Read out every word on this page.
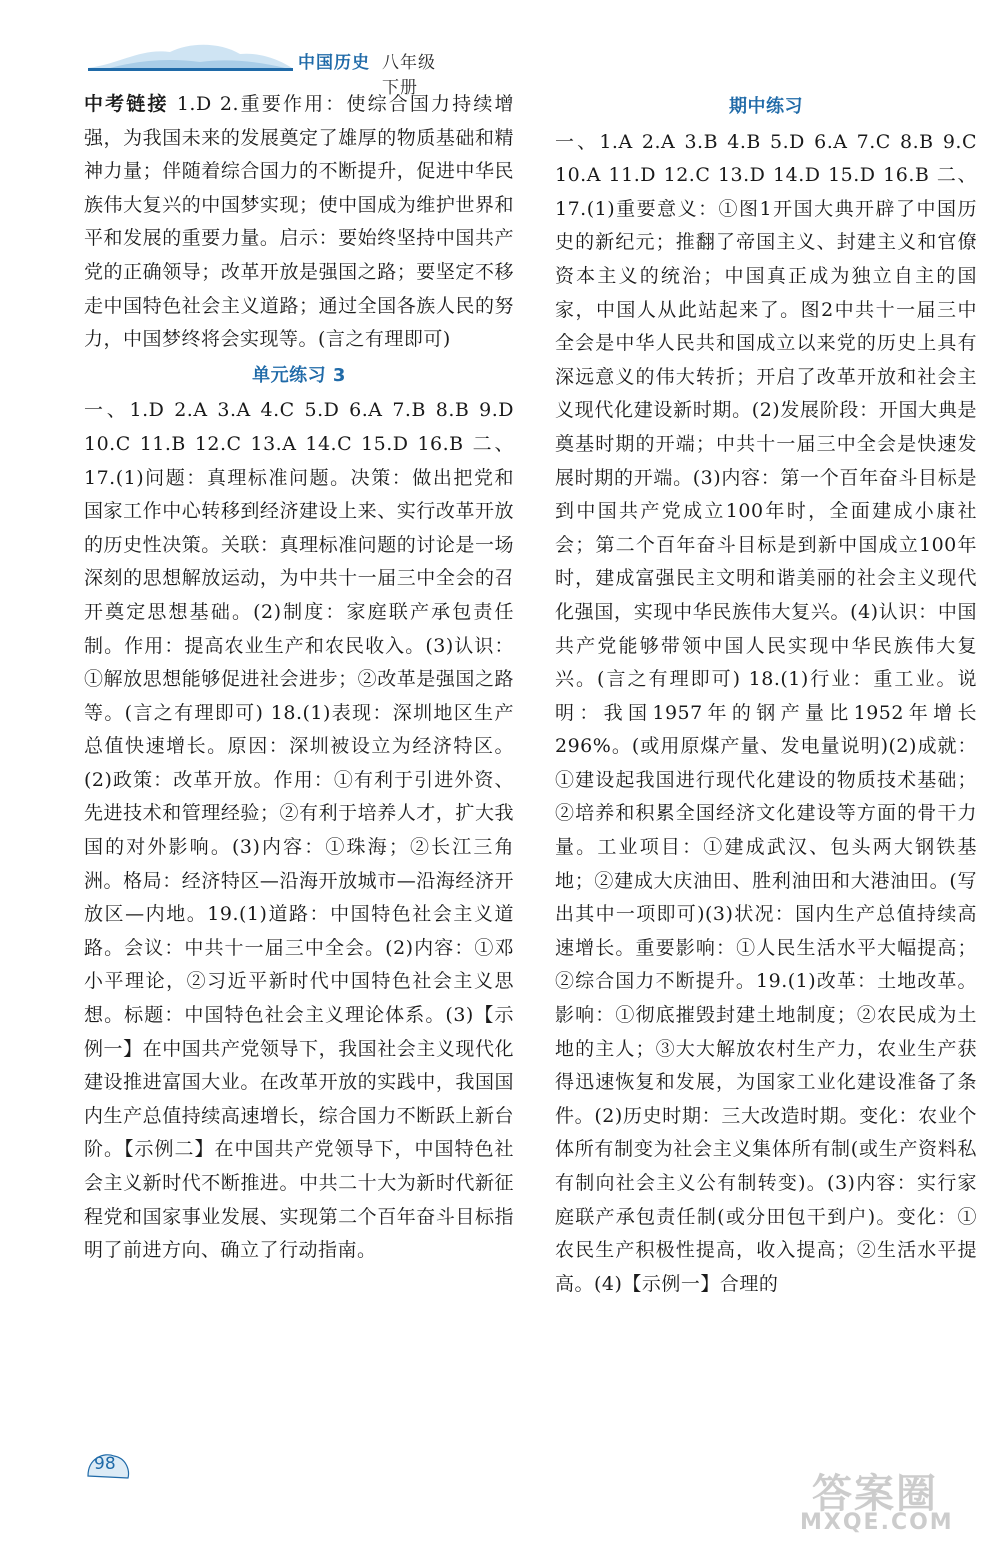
中国历史 八年级下册

中考链接 1.D 2.重要作用：使综合国力持续增强，为我国未来的发展奠定了雄厚的物质基础和精神力量；伴随着综合国力的不断提升，促进中华民族伟大复兴的中国梦实现；使中国成为维护世界和平和发展的重要力量。启示：要始终坚持中国共产党的正确领导；改革开放是强国之路；要坚定不移走中国特色社会主义道路；通过全国各族人民的努力，中国梦终将会实现等。(言之有理即可)

单元练习 3

一、1.D 2.A 3.A 4.C 5.D 6.A 7.B 8.B 9.D 10.C 11.B 12.C 13.A 14.C 15.D 16.B 二、17.(1)问题：真理标准问题。决策：做出把党和国家工作中心转移到经济建设上来、实行改革开放的历史性决策。关联：真理标准问题的讨论是一场深刻的思想解放运动，为中共十一届三中全会的召开奠定思想基础。(2)制度：家庭联产承包责任制。作用：提高农业生产和农民收入。(3)认识：①解放思想能够促进社会进步；②改革是强国之路等。(言之有理即可) 18.(1)表现：深圳地区生产总值快速增长。原因：深圳被设立为经济特区。(2)政策：改革开放。作用：①有利于引进外资、先进技术和管理经验；②有利于培养人才，扩大我国的对外影响。(3)内容：①珠海；②长江三角洲。格局：经济特区—沿海开放城市—沿海经济开放区—内地。19.(1)道路：中国特色社会主义道路。会议：中共十一届三中全会。(2)内容：①邓小平理论，②习近平新时代中国特色社会主义思想。标题：中国特色社会主义理论体系。(3)【示例一】在中国共产党领导下，我国社会主义现代化建设推进富国大业。在改革开放的实践中，我国国内生产总值持续高速增长，综合国力不断跃上新台阶。【示例二】在中国共产党领导下，中国特色社会主义新时代不断推进。中共二十大为新时代新征程党和国家事业发展、实现第二个百年奋斗目标指明了前进方向、确立了行动指南。

期中练习

一、1.A 2.A 3.B 4.B 5.D 6.A 7.C 8.B 9.C 10.A 11.D 12.C 13.D 14.D 15.D 16.B 二、17.(1)重要意义：①图1开国大典开辟了中国历史的新纪元；推翻了帝国主义、封建主义和官僚资本主义的统治；中国真正成为独立自主的国家，中国人从此站起来了。图2中共十一届三中全会是中华人民共和国成立以来党的历史上具有深远意义的伟大转折；开启了改革开放和社会主义现代化建设新时期。(2)发展阶段：开国大典是奠基时期的开端；中共十一届三中全会是快速发展时期的开端。(3)内容：第一个百年奋斗目标是到中国共产党成立100年时，全面建成小康社会；第二个百年奋斗目标是到新中国成立100年时，建成富强民主文明和谐美丽的社会主义现代化强国，实现中华民族伟大复兴。(4)认识：中国共产党能够带领中国人民实现中华民族伟大复兴。(言之有理即可) 18.(1)行业：重工业。说明：我国1957年的钢产量比1952年增长296%。(或用原煤产量、发电量说明)(2)成就：①建设起我国进行现代化建设的物质技术基础；②培养和积累全国经济文化建设等方面的骨干力量。工业项目：①建成武汉、包头两大钢铁基地；②建成大庆油田、胜利油田和大港油田。(写出其中一项即可)(3)状况：国内生产总值持续高速增长。重要影响：①人民生活水平大幅提高；②综合国力不断提升。19.(1)改革：土地改革。影响：①彻底摧毁封建土地制度；②农民成为土地的主人；③大大解放农村生产力，农业生产获得迅速恢复和发展，为国家工业化建设准备了条件。(2)历史时期：三大改造时期。变化：农业个体所有制变为社会主义集体所有制(或生产资料私有制向社会主义公有制转变)。(3)内容：实行家庭联产承包责任制(或分田包干到户)。变化：①农民生产积极性提高，收入提高；②生活水平提高。(4)【示例一】合理的

98
答案圈
MXQE.COM
